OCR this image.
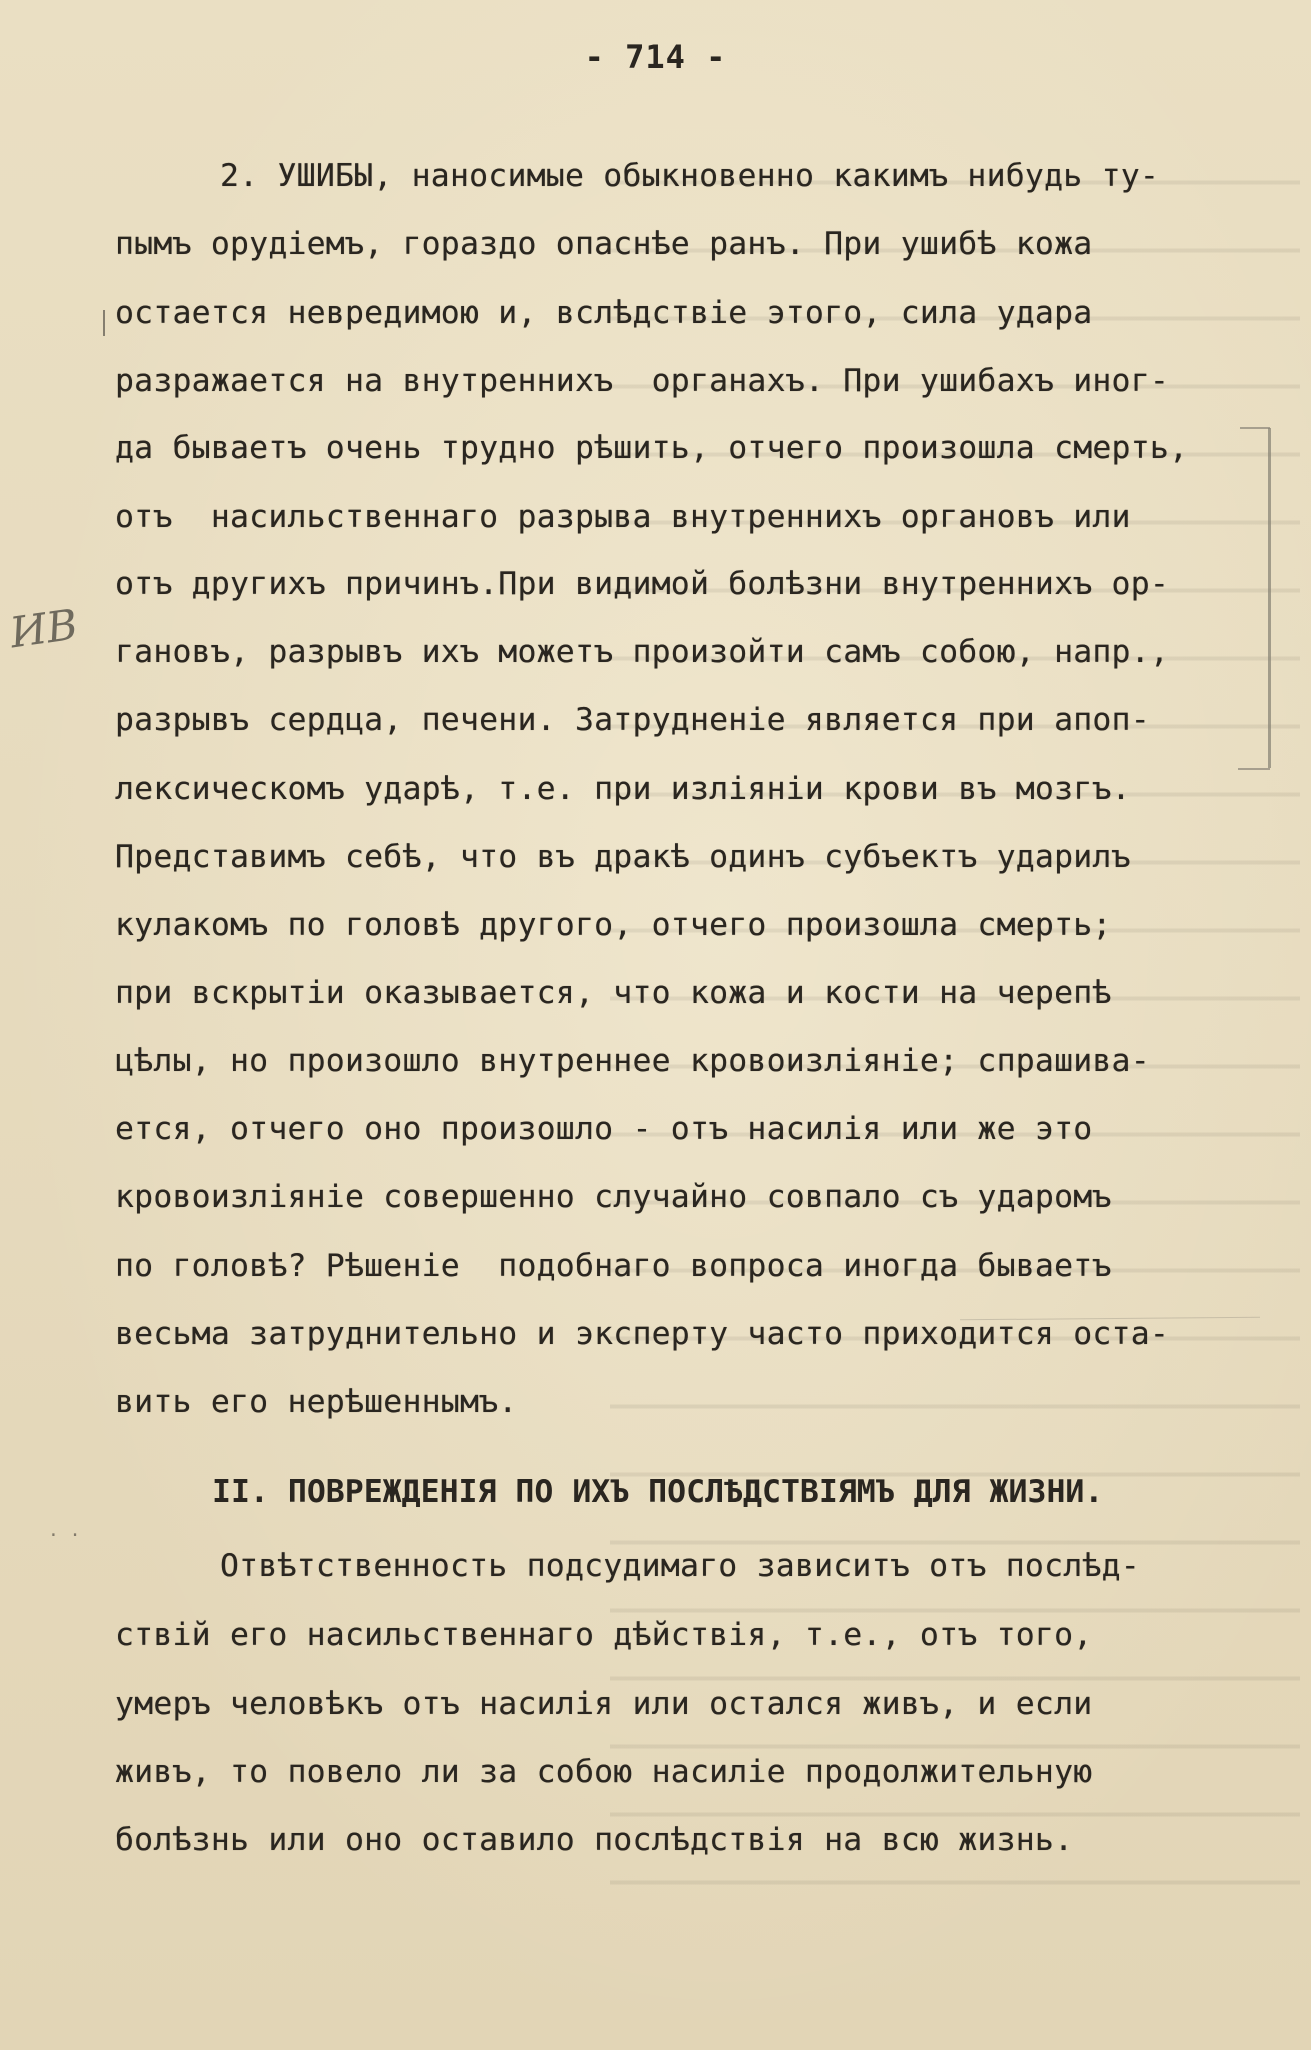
- 714 -
ИВ
· ·
2. УШИБЫ, наносимые обыкновенно какимъ нибудь ту-
пымъ орудіемъ, гораздо опаснѣе ранъ. При ушибѣ кожа
остается невредимою и, вслѣдствіе этого, сила удара
разражается на внутреннихъ  органахъ. При ушибахъ иног-
да бываетъ очень трудно рѣшить, отчего произошла смерть,
отъ  насильственнаго разрыва внутреннихъ органовъ или
отъ другихъ причинъ.При видимой болѣзни внутреннихъ ор-
гановъ, разрывъ ихъ можетъ произойти самъ собою, напр.,
разрывъ сердца, печени. Затрудненіе является при апоп-
лексическомъ ударѣ, т.е. при изліяніи крови въ мозгъ.
Представимъ себѣ, что въ дракѣ одинъ субъектъ ударилъ
кулакомъ по головѣ другого, отчего произошла смерть;
при вскрытіи оказывается, что кожа и кости на черепѣ
цѣлы, но произошло внутреннее кровоизліяніе; спрашива-
ется, отчего оно произошло - отъ насилія или же это
кровоизліяніе совершенно случайно совпало съ ударомъ
по головѣ? Рѣшеніе  подобнаго вопроса иногда бываетъ
весьма затруднительно и эксперту часто приходится оста-
вить его нерѣшеннымъ.
II. ПОВРЕЖДЕНІЯ ПО ИХЪ ПОСЛѢДСТВІЯМЪ ДЛЯ ЖИЗНИ.
Отвѣтственность подсудимаго зависитъ отъ послѣд-
ствій его насильственнаго дѣйствія, т.е., отъ того,
умеръ человѣкъ отъ насилія или остался живъ, и если
живъ, то повело ли за собою насиліе продолжительную
болѣзнь или оно оставило послѣдствія на всю жизнь.
